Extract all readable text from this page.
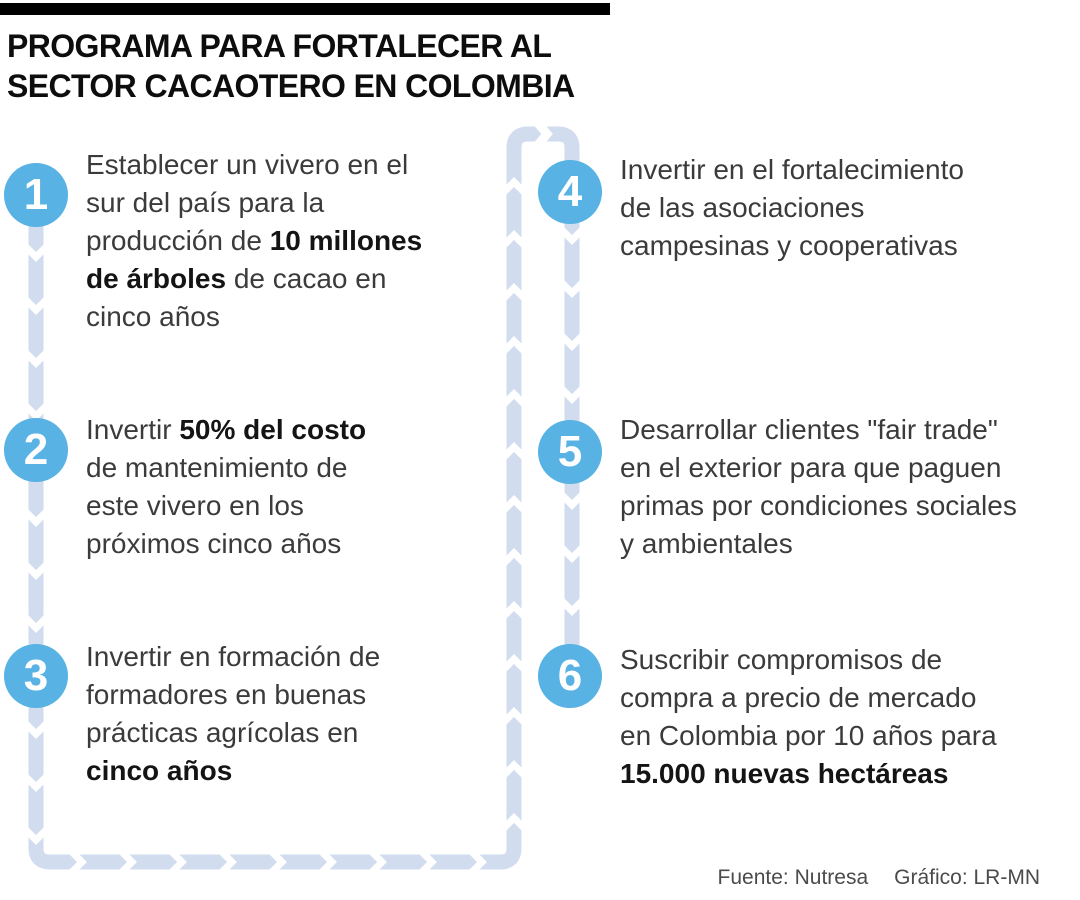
PROGRAMA PARA FORTALECER AL
SECTOR CACAOTERO EN COLOMBIA
1
Establecer un vivero en el
sur del país para la
producción de 10 millones
de árboles de cacao en
cinco años
2	Invertir 50% del costo
de mantenimiento de
este vivero en los
próximos cinco años
3	Invertir en formación de
formadores en buenas
prácticas agrícolas en
cinco años
4	Invertir en el fortalecimiento
de las asociaciones
campesinas y cooperativas
5	Desarrollar clientes "fair trade"
en el exterior para que paguen
primas por condiciones sociales
y ambientales
6	Suscribir compromisos de
compra a precio de mercado
en Colombia por 10 años para
15.000 nuevas hectáreas
Fuente: Nutresa Gráfico: LR-MN
